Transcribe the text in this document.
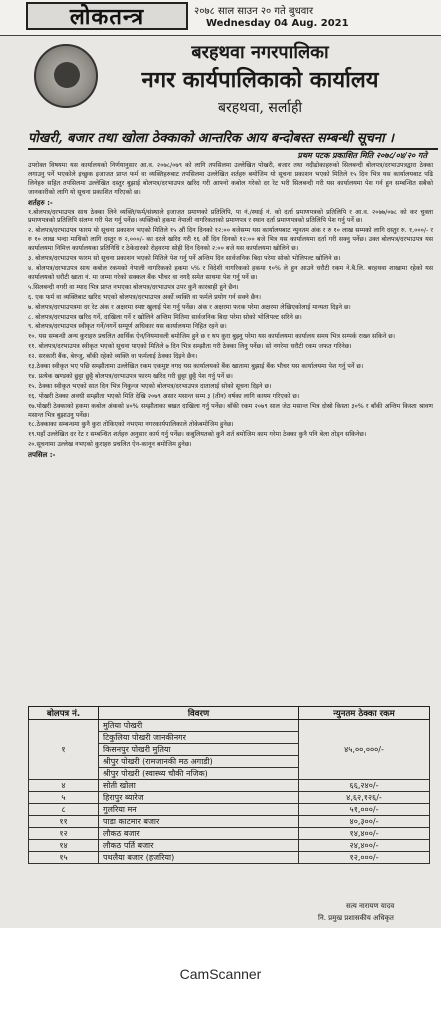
लोकतन्त्र	२०७८ साल साउन २० गते बुधवार
Wednesday 04 Aug. 2021
बरहथवा नगरपालिका
नगर कार्यपालिकाको कार्यालय
बरहथवा, सर्लाही
पोखरी, बजार तथा खोला ठेक्काको आन्तरिक आय बन्दोबस्त सम्बन्धी सूचना ।
प्रथम पटक प्रकाशित मिति २०७८/०४/२० गते

उपरोक्त विषयमा यस कार्यालयको निर्णयानुसार आ.व. २०७८/०७९ को लागि तपसिलमा उल्लेखित पोखरी, बजार तथा नदीढोकाहरुको सिलबन्दी बोलपत्र/दरभाउपत्रद्वारा ठेक्का लगाउनु पर्ने भएकोले इच्छुक इजाजत प्राप्त फर्म वा व्यक्तिहरुबाट तपसिलमा उल्लेखित शर्तहरु बमोजिम यो सूचना प्रकाशन भएको मितिले १५ दिन भित्र यस कार्यालयबाट पढि लिनेहरु सहित तपसिलमा उल्लेखित दस्तुर बुझाई बोलपत्र/दरभाउपत्र खरिद गरी आफ्नो कबोल गरेको दर रेट भरी सिलबन्दी गरी यस कार्यालयमा पेश गर्न हुन सम्बन्धित सबैको जानकारीको लागि यो सूचना प्रकाशित गरिएको छ।

शर्तहरु :-

१.बोलपत्र/दरभाउपत्र साथ ठेक्का लिने व्यक्ति/फर्म/संस्थाले इजाजत प्रमाणको प्रतिलिपि, पा नं./स्थाई नं. को दर्ता प्रमाणपत्रको प्रतिलिपि र आ.व. २०७७/०७८ को कर चुक्ता प्रमाणपत्रको प्रतिलिपि संलग्न गरी पेश गर्नु पर्नेछ। व्यक्तिको हकमा नेपाली नागरिकताको प्रमाणपत्र र स्थान दर्ता प्रमाणपत्रको प्रतिलिपि पेश गर्नु पर्ने छ।

२. बोलपत्र/दरभाउपत्र फारम यो सूचना प्रकाशन भएको मितिले १५ औं दिन दिनको १२:०० बजेसम्म यस कार्यालयबाट न्युनतम अंक र रु १० लाख सम्मको लागि दस्तुर रु. १,०००/- र रु १० लाख भन्दा माथिको लागि दस्तुर रु २,०००/- का दरले खरिद गरी १६ औं दिन दिनको १२:०० बजे भित्र यस कार्यालयमा दर्ता गरी सक्नु पर्नेछ। उक्त बोलपत्र/दरभाउपत्र यस कार्यालयमा निमित्त कार्यालयका प्रतिनिधि र ठेकेदारको रोहवरमा सोही दिन दिनको २:०० बजे यस कार्यालयमा खोलिने छ।

३. बोलपत्र/दरभाउपत्र फारम सो सूचना प्रकाशन भएको मितिले पेश गर्नु पर्ने अन्तिम दिन सार्वजनिक बिदा परेमा सोको भोलिपल्ट खोलिने छ।

४. बोलपत्र/दरभाउपत्र साथ कबोल रकमको नेपाली नागरिकको हकमा ५% र विदेशी नागरिकको हकमा १०% ले हुन आउने धरौटी रकम ने.बै.लि. बरहथवा शाखामा रहेको यस कार्यालयको धरौटी खाता नं. मा जम्मा गरेको सक्कल बैंक भौचर वा नगदै समेत साथमा पेश गर्नु पर्ने छ।

५.सिलबन्दी नगरी वा म्याद भित्र प्राप्त नभएका बोलपत्र/दरभाउपत्र उपर कुनै कारबाही हुने छैन।

६. एक फर्म वा व्यक्तिबाट खरिद भएको बोलपत्र/दरभाउपत्र अर्को व्यक्ति वा फर्मले प्रयोग गर्न सक्ने छैन।

७. बोलपत्र/दरभाउपत्रमा दर रेट अंक र अक्षरमा स्पष्ट खुलाई पेश गर्नु पर्नेछ। अंक र अक्षरमा फरक परेमा अक्षरमा लेखिएकोलाई मान्यता दिइने छ।

८. बोलपत्र/दरभाउपत्र खरिद गर्ने, दाखिला गर्ने र खोलिने अन्तिम मितिमा सार्वजनिक बिदा परेमा सोको भोलिपल्ट सरिने छ।

९. बोलपत्र/दरभाउपत्र स्वीकृत गर्ने/नगर्ने सम्पूर्ण अधिकार यस कार्यालयमा निहित रहने छ।

१०. यस सम्बन्धी अन्य कुराहरु प्रचलित आर्थिक ऐन/नियमावली बमोजिम हुने छ र थप कुरा बुझ्नु परेमा यस कार्यालयमा कार्यालय समय भित्र सम्पर्क राख्न सकिने छ।

११. बोलपत्र/दरभाउपत्र स्वीकृत भएको सूचना पाएको मितिले ७ दिन भित्र सम्झौता गरी ठेक्का लिनु पर्नेछ। सो नगरेमा धरौटी रकम जफत गरिनेछ।

१२. सरकारी बैंक, बेरुजु, बाँकी रहेको व्यक्ति वा फर्मलाई ठेक्का दिइने छैन।

१३.ठेक्का स्वीकृत भए पछि सम्झौतामा उल्लेखित रकम एकमुष्ट नगद यस कार्यालयको बैंक खातामा बुझाई बैंक भौचर यस कार्यालयमा पेश गर्नु पर्ने छ।

१४. प्रत्येक खण्डको छुट्टा छुट्टै बोलपत्र/दरभाउपत्र फारम खरिद गरी छुट्टा छुट्टै पेश गर्नु पर्ने छ।

१५. ठेक्का स्वीकृत भएको सात दिन भित्र निकुन्ज भएको बोलपत्र/दरभाउपत्र दातालाई सोको सूचना दिइने छ।

१६. पोखरी ठेक्का अवधी सम्झौता भएको मिति देखि २०७९ असार मसान्त सम्म ३ (तीन) वर्षका लागि कायम गरिएको छ।

१७.पोखरी ठेक्काको हकमा कबोल अंकको ४०% सम्झौताका बखत दाखिला गर्नु पर्नेछ। बाँकी रकम २०७९ साल जेठ मसान्त भित्र दोस्रो किस्ता ३०% र बाँकी अन्तिम किस्ता श्रावण मसान्त भित्र बुझाउनु पर्नेछ।

१८.ठेक्काका सम्बन्धमा कुनै कुरा तोकिएको नभएमा नगरकार्यपालिकाले तोकेबमोजिम हुनेछ।

१९.यहाँ उल्लेखित दर रेट र सम्बन्धित शर्तहरु अनुसार कार्य गर्नु पर्नेछ। कबुलियतको कुनै शर्त बमोजिम काम गरेमा ठेक्का कुनै पनि बेला तोड्न सकिनेछ।

२०.सूचनामा उल्लेख नभएको कुराहरु प्रचलित ऐन-कानून बमोजिम हुनेछ।

तपसिल :-

बोलपत्र नं.	विवरण	न्युनतम ठेक्का रकम
१	मुतिया पोखरी	४५,००,०००/-
	टिकुलिया पोखरी जानकीनगर	
	किसनपुर पोखरी मुतिया	
	श्रीपुर पोखरी (रामजानकी मठ अगाडी)	
	श्रीपुर पोखरी (स्वास्थ्य चौकी नजिक)	
४	सोती खोला	६६,२४०/-
५	हिरापुर ब्यारेज	४,६२,१२६/-
८	गुलरिया मन	५१,०००/-
११	पाडा काटमार बजार	४०,३००/-
१२	लौकठ बजार	१४,४००/-
१४	लौकठ पर्ति बजार	२४,४००/-
१५	पथलैया बजार (हजरिया)	१२,०००/-
सत्य नारायण यादव
नि. प्रमुख प्रशासकीय अधिकृत
CamScanner
